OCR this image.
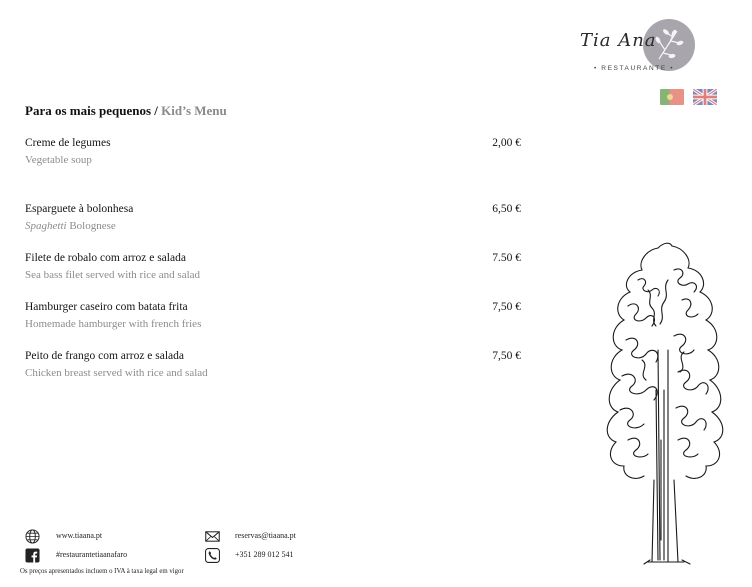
Tia Ana
• RESTAURANTE •
Para os mais pequenos / Kid’s Menu
Creme de legumes
Vegetable soup
2,00 €
Esparguete à bolonhesa
Spaghetti Bolognese
6,50 €
Filete de robalo com arroz e salada
Sea bass filet served with rice and salad
7.50 €
Hamburger caseiro com batata frita
Homemade hamburger with french fries
7,50 €
Peito de frango com arroz e salada
Chicken breast served with rice and salad
7,50 €
www.tiaana.pt
#restaurantetiaanafaro
reservas@tiaana.pt
+351 289 012 541
Os preços apresentados incluem o IVA à taxa legal em vigor
